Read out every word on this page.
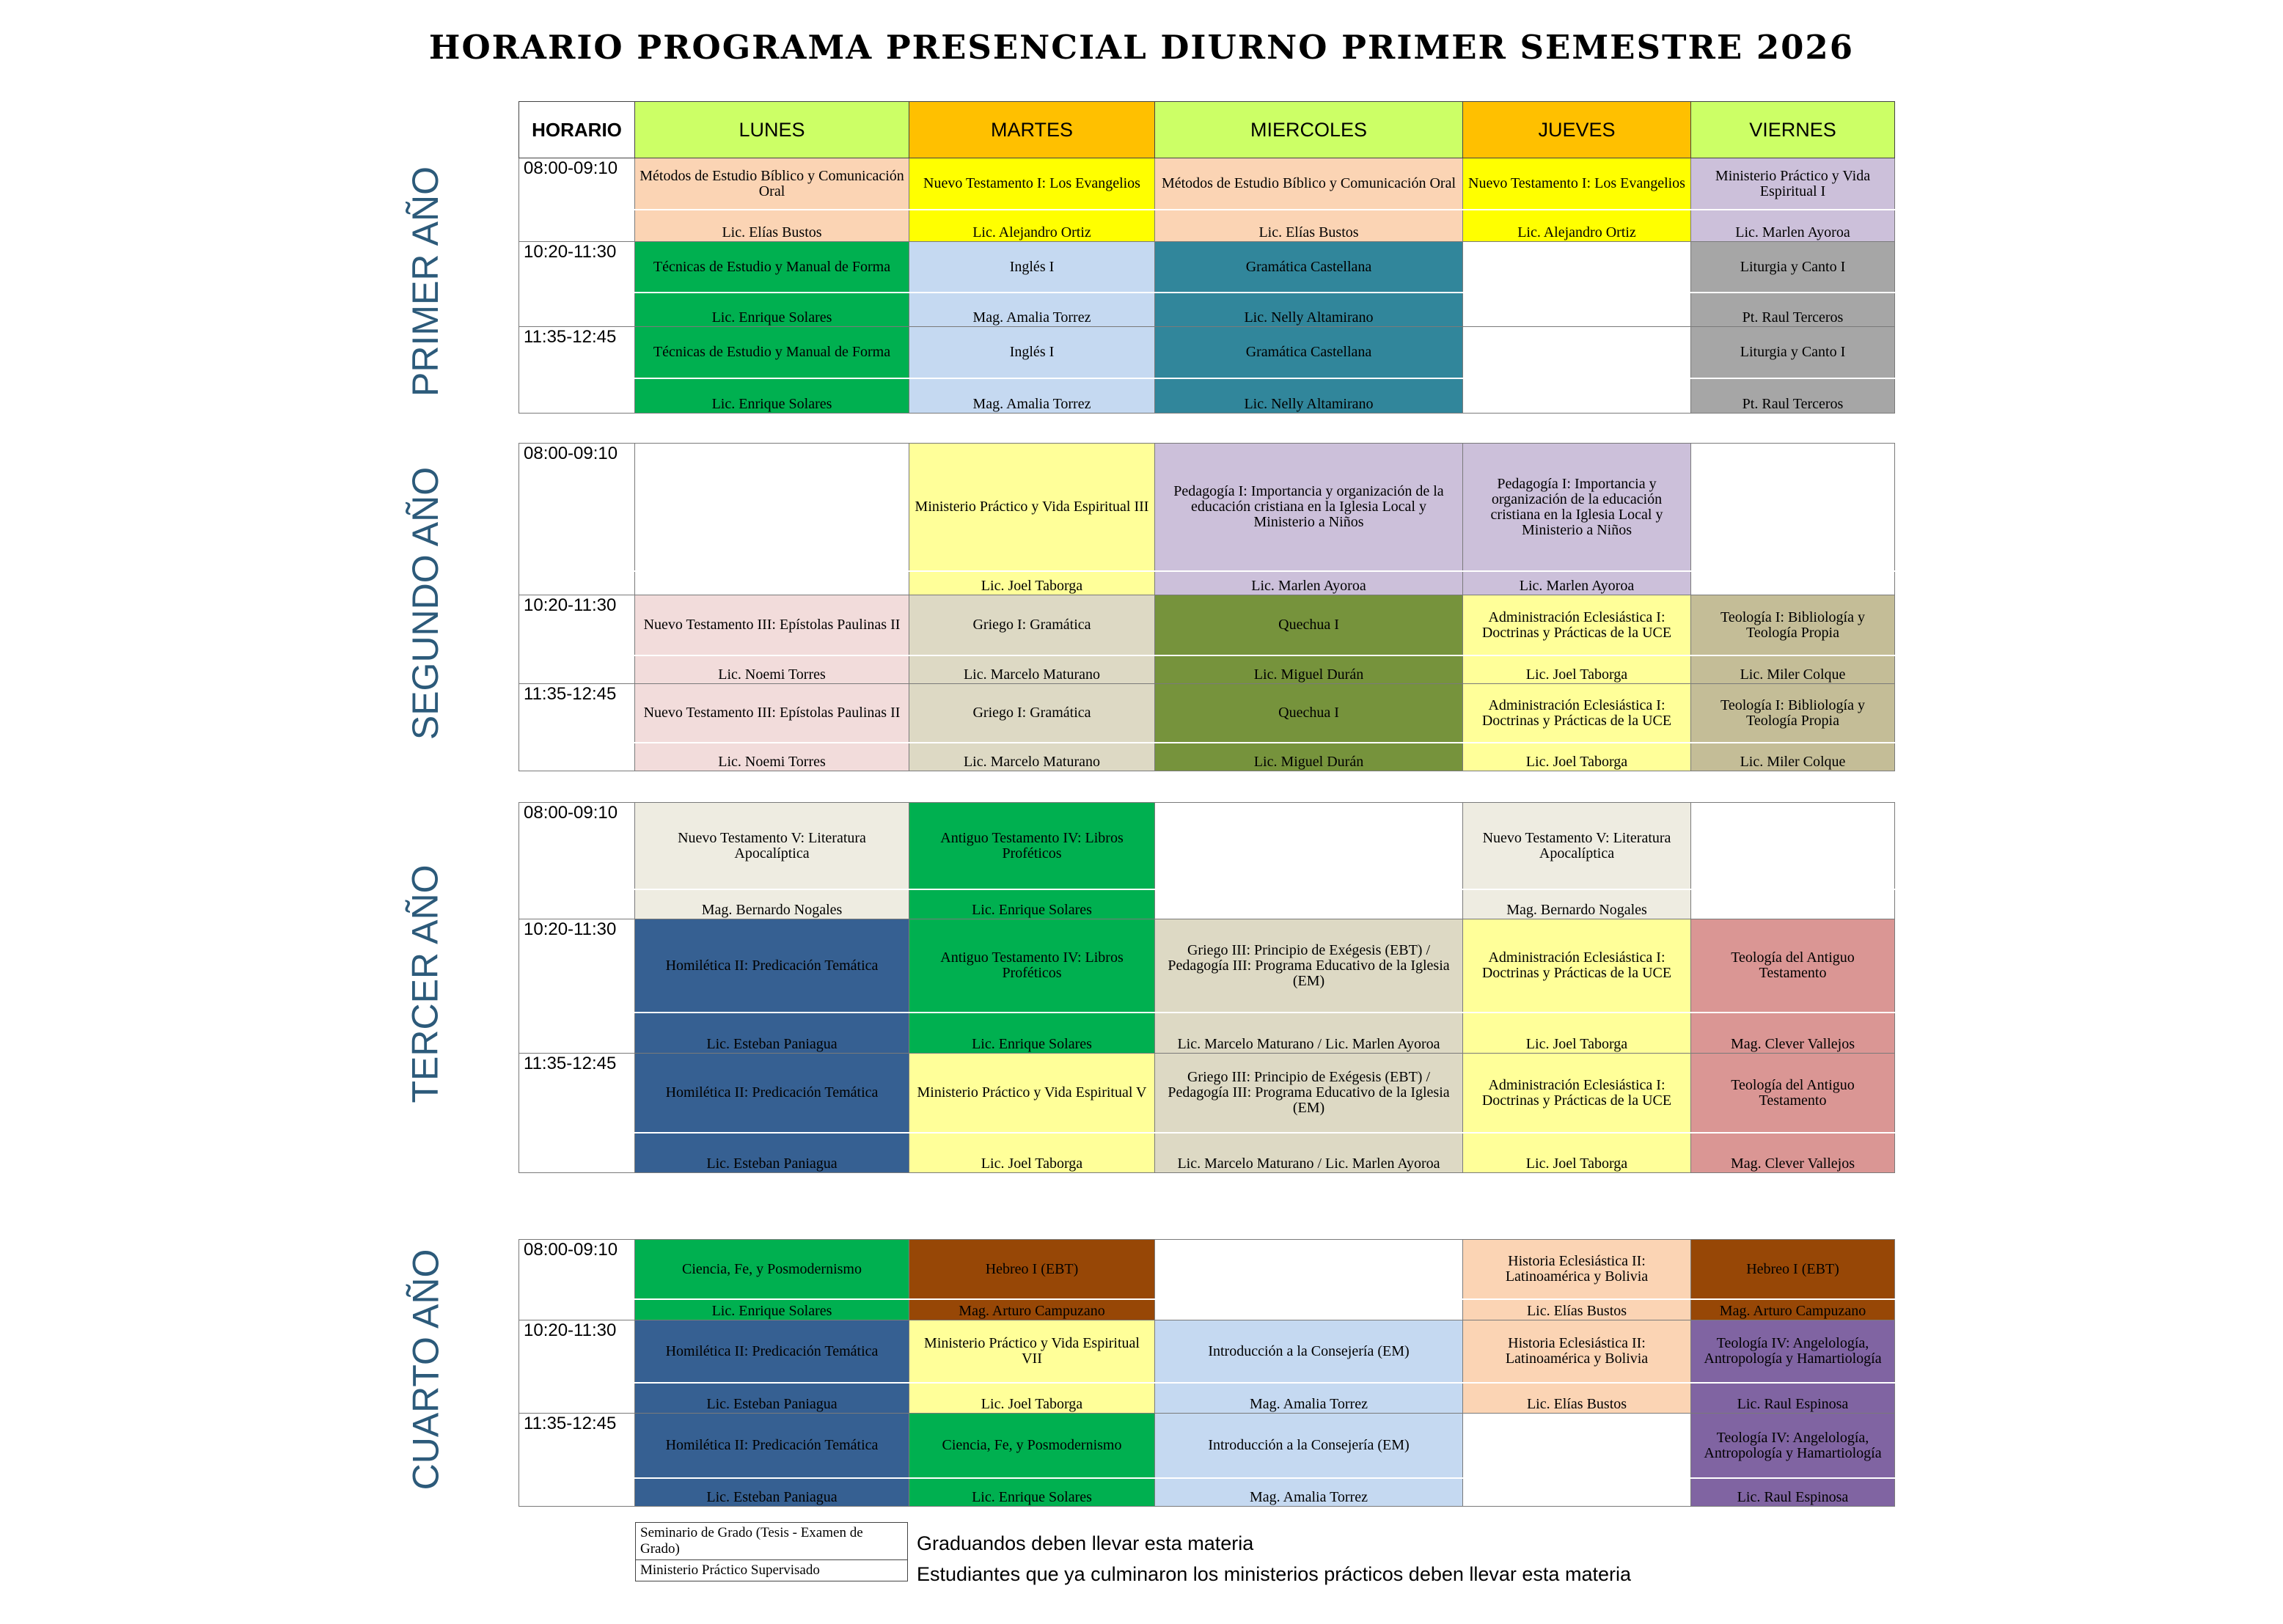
HORARIO PROGRAMA PRESENCIAL DIURNO PRIMER SEMESTRE 2026
HORARIO	LUNES	MARTES	MIERCOLES	JUEVES	VIERNES
08:00-09:10	Métodos de Estudio Bíblico y Comunicación Oral	Nuevo Testamento I: Los Evangelios	Métodos de Estudio Bíblico y Comunicación Oral	Nuevo Testamento I: Los Evangelios	Ministerio Práctico y Vida Espiritual I
	Lic. Elías Bustos	Lic. Alejandro Ortiz	Lic. Elías Bustos	Lic. Alejandro Ortiz	Lic. Marlen Ayoroa
10:20-11:30	Técnicas de Estudio y Manual de Forma	Inglés I	Gramática Castellana		Liturgia y Canto I
	Lic. Enrique Solares	Mag. Amalia Torrez	Lic. Nelly Altamirano		Pt. Raul Terceros
11:35-12:45	Técnicas de Estudio y Manual de Forma	Inglés I	Gramática Castellana		Liturgia y Canto I
	Lic. Enrique Solares	Mag. Amalia Torrez	Lic. Nelly Altamirano		Pt. Raul Terceros
PRIMER AÑO
08:00-09:10		Ministerio Práctico y Vida Espiritual III	Pedagogía I: Importancia y organización de la educación cristiana en la Iglesia Local y Ministerio a Niños	Pedagogía I: Importancia y organización de la educación cristiana en la Iglesia Local y Ministerio a Niños	
		Lic. Joel Taborga	Lic. Marlen Ayoroa	Lic. Marlen Ayoroa	
10:20-11:30	Nuevo Testamento III: Epístolas Paulinas II	Griego I: Gramática	Quechua I	Administración Eclesiástica I: Doctrinas y Prácticas de la UCE	Teología I: Bibliología y Teología Propia
	Lic. Noemi Torres	Lic. Marcelo Maturano	Lic. Miguel Durán	Lic. Joel Taborga	Lic. Miler Colque
11:35-12:45	Nuevo Testamento III: Epístolas Paulinas II	Griego I: Gramática	Quechua I	Administración Eclesiástica I: Doctrinas y Prácticas de la UCE	Teología I: Bibliología y Teología Propia
	Lic. Noemi Torres	Lic. Marcelo Maturano	Lic. Miguel Durán	Lic. Joel Taborga	Lic. Miler Colque
SEGUNDO AÑO
08:00-09:10	Nuevo Testamento V: Literatura Apocalíptica	Antiguo Testamento IV: Libros Proféticos		Nuevo Testamento V: Literatura Apocalíptica	
	Mag. Bernardo Nogales	Lic. Enrique Solares		Mag. Bernardo Nogales	
10:20-11:30	Homilética II: Predicación Temática	Antiguo Testamento IV: Libros Proféticos	Griego III: Principio de Exégesis (EBT) / Pedagogía III: Programa Educativo de la Iglesia (EM)	Administración Eclesiástica I: Doctrinas y Prácticas de la UCE	Teología del Antiguo Testamento
	Lic. Esteban Paniagua	Lic. Enrique Solares	Lic. Marcelo Maturano / Lic. Marlen Ayoroa	Lic. Joel Taborga	Mag. Clever Vallejos
11:35-12:45	Homilética II: Predicación Temática	Ministerio Práctico y Vida Espiritual V	Griego III: Principio de Exégesis (EBT) / Pedagogía III: Programa Educativo de la Iglesia (EM)	Administración Eclesiástica I: Doctrinas y Prácticas de la UCE	Teología del Antiguo Testamento
	Lic. Esteban Paniagua	Lic. Joel Taborga	Lic. Marcelo Maturano / Lic. Marlen Ayoroa	Lic. Joel Taborga	Mag. Clever Vallejos
TERCER AÑO
08:00-09:10	Ciencia, Fe, y Posmodernismo	Hebreo I (EBT)		Historia Eclesiástica II: Latinoamérica y Bolivia	Hebreo I (EBT)
	Lic. Enrique Solares	Mag. Arturo Campuzano		Lic. Elías Bustos	Mag. Arturo Campuzano
10:20-11:30	Homilética II: Predicación Temática	Ministerio Práctico y Vida Espiritual VII	Introducción a la Consejería (EM)	Historia Eclesiástica II: Latinoamérica y Bolivia	Teología IV: Angelología, Antropología y Hamartiología
	Lic. Esteban Paniagua	Lic. Joel Taborga	Mag. Amalia Torrez	Lic. Elías Bustos	Lic. Raul Espinosa
11:35-12:45	Homilética II: Predicación Temática	Ciencia, Fe, y Posmodernismo	Introducción a la Consejería (EM)		Teología IV: Angelología, Antropología y Hamartiología
	Lic. Esteban Paniagua	Lic. Enrique Solares	Mag. Amalia Torrez		Lic. Raul Espinosa
CUARTO AÑO
Seminario de Grado (Tesis - Examen de Grado)
Ministerio Práctico Supervisado
Graduandos deben llevar esta materia
Estudiantes que ya culminaron los ministerios prácticos deben llevar esta materia
